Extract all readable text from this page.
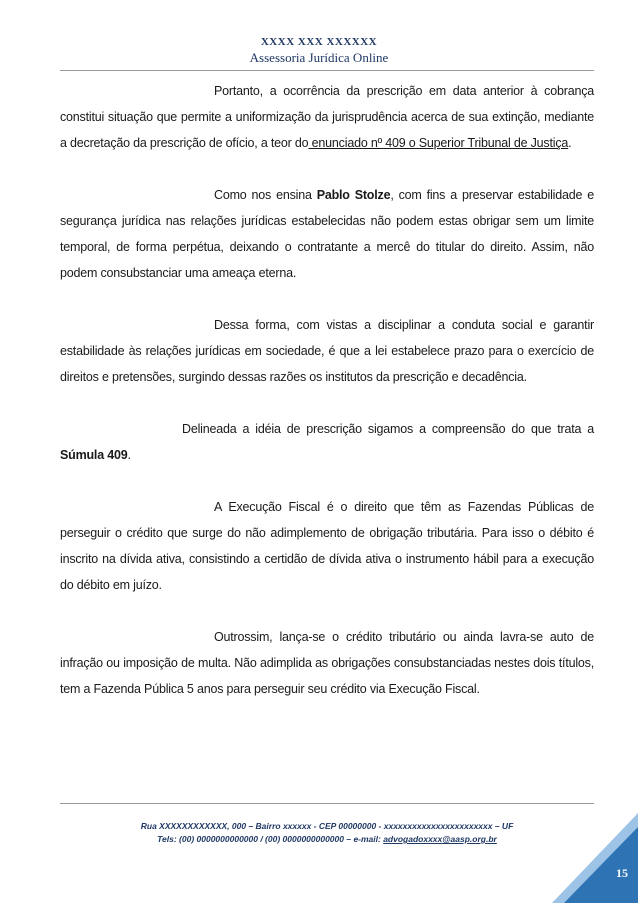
XXXX XXX XXXXXX
Assessoria Jurídica Online

Portanto, a ocorrência da prescrição em data anterior à cobrança constitui situação que permite a uniformização da jurisprudência acerca de sua extinção, mediante a decretação da prescrição de ofício, a teor do enunciado nº 409 o Superior Tribunal de Justiça.

Como nos ensina Pablo Stolze, com fins a preservar estabilidade e segurança jurídica nas relações jurídicas estabelecidas não podem estas obrigar sem um limite temporal, de forma perpétua, deixando o contratante a mercê do titular do direito. Assim, não podem consubstanciar uma ameaça eterna.

Dessa forma, com vistas a disciplinar a conduta social e garantir estabilidade às relações jurídicas em sociedade, é que a lei estabelece prazo para o exercício de direitos e pretensões, surgindo dessas razões os institutos da prescrição e decadência.

Delineada a idéia de prescrição sigamos a compreensão do que trata a Súmula 409.

A Execução Fiscal é o direito que têm as Fazendas Públicas de perseguir o crédito que surge do não adimplemento de obrigação tributária. Para isso o débito é inscrito na dívida ativa, consistindo a certidão de dívida ativa o instrumento hábil para a execução do débito em juízo.

Outrossim, lança-se o crédito tributário ou ainda lavra-se auto de infração ou imposição de multa. Não adimplida as obrigações consubstanciadas nestes dois títulos, tem a Fazenda Pública 5 anos para perseguir seu crédito via Execução Fiscal.

Rua XXXXXXXXXXXX, 000 – Bairro xxxxxx - CEP 00000000 - xxxxxxxxxxxxxxxxxxxxxxx – UF
Tels: (00) 0000000000000 / (00) 0000000000000 – e-mail: advogadoxxxx@aasp.org.br
15
